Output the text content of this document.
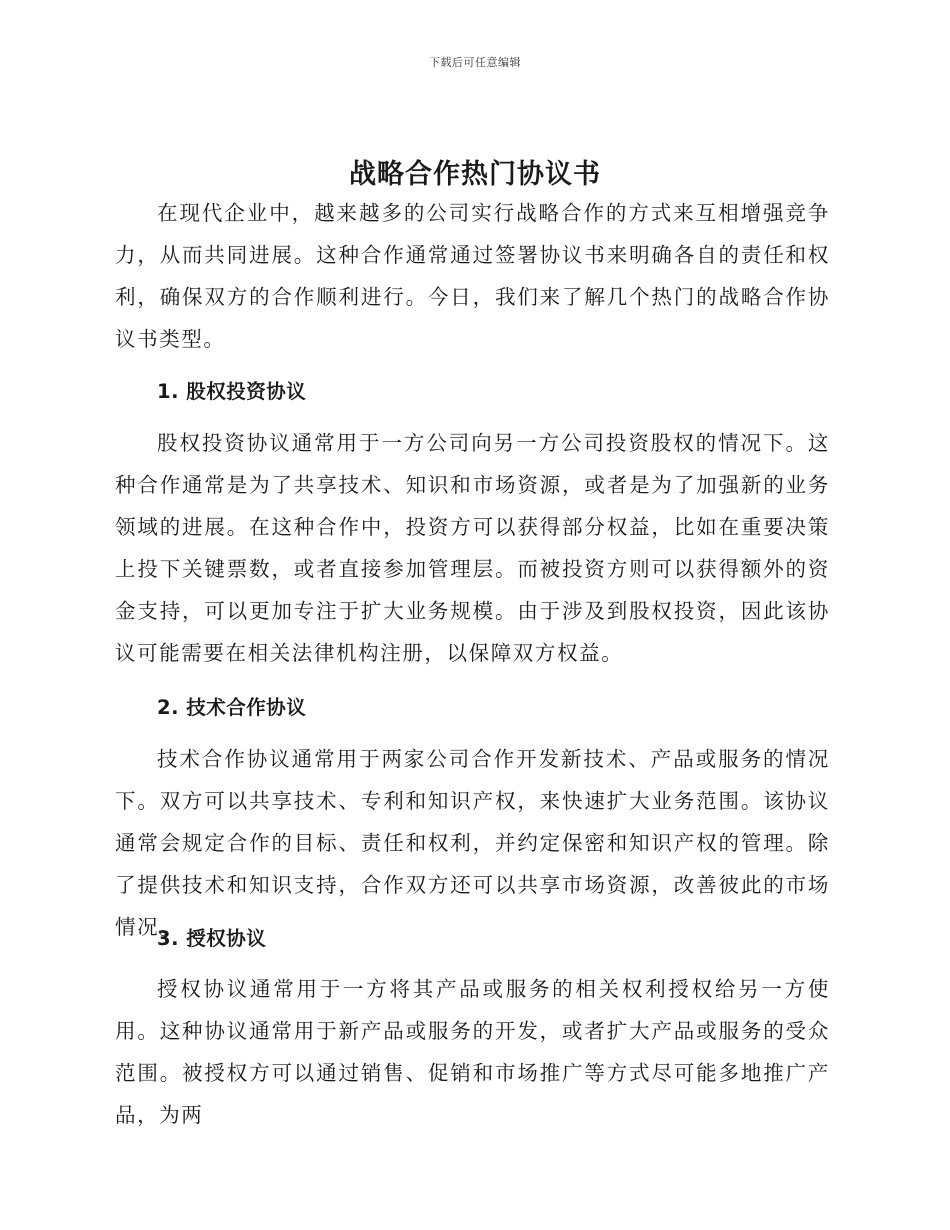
下载后可任意编辑
战略合作热门协议书

在现代企业中，越来越多的公司实行战略合作的方式来互相增强竞争力，从而共同进展。这种合作通常通过签署协议书来明确各自的责任和权利，确保双方的合作顺利进行。今日，我们来了解几个热门的战略合作协议书类型。

1. 股权投资协议

股权投资协议通常用于一方公司向另一方公司投资股权的情况下。这种合作通常是为了共享技术、知识和市场资源，或者是为了加强新的业务领域的进展。在这种合作中，投资方可以获得部分权益，比如在重要决策上投下关键票数，或者直接参加管理层。而被投资方则可以获得额外的资金支持，可以更加专注于扩大业务规模。由于涉及到股权投资，因此该协议可能需要在相关法律机构注册，以保障双方权益。

2. 技术合作协议

技术合作协议通常用于两家公司合作开发新技术、产品或服务的情况下。双方可以共享技术、专利和知识产权，来快速扩大业务范围。该协议通常会规定合作的目标、责任和权利，并约定保密和知识产权的管理。除了提供技术和知识支持，合作双方还可以共享市场资源，改善彼此的市场情况。

3. 授权协议

授权协议通常用于一方将其产品或服务的相关权利授权给另一方使用。这种协议通常用于新产品或服务的开发，或者扩大产品或服务的受众范围。被授权方可以通过销售、促销和市场推广等方式尽可能多地推广产品，为两
